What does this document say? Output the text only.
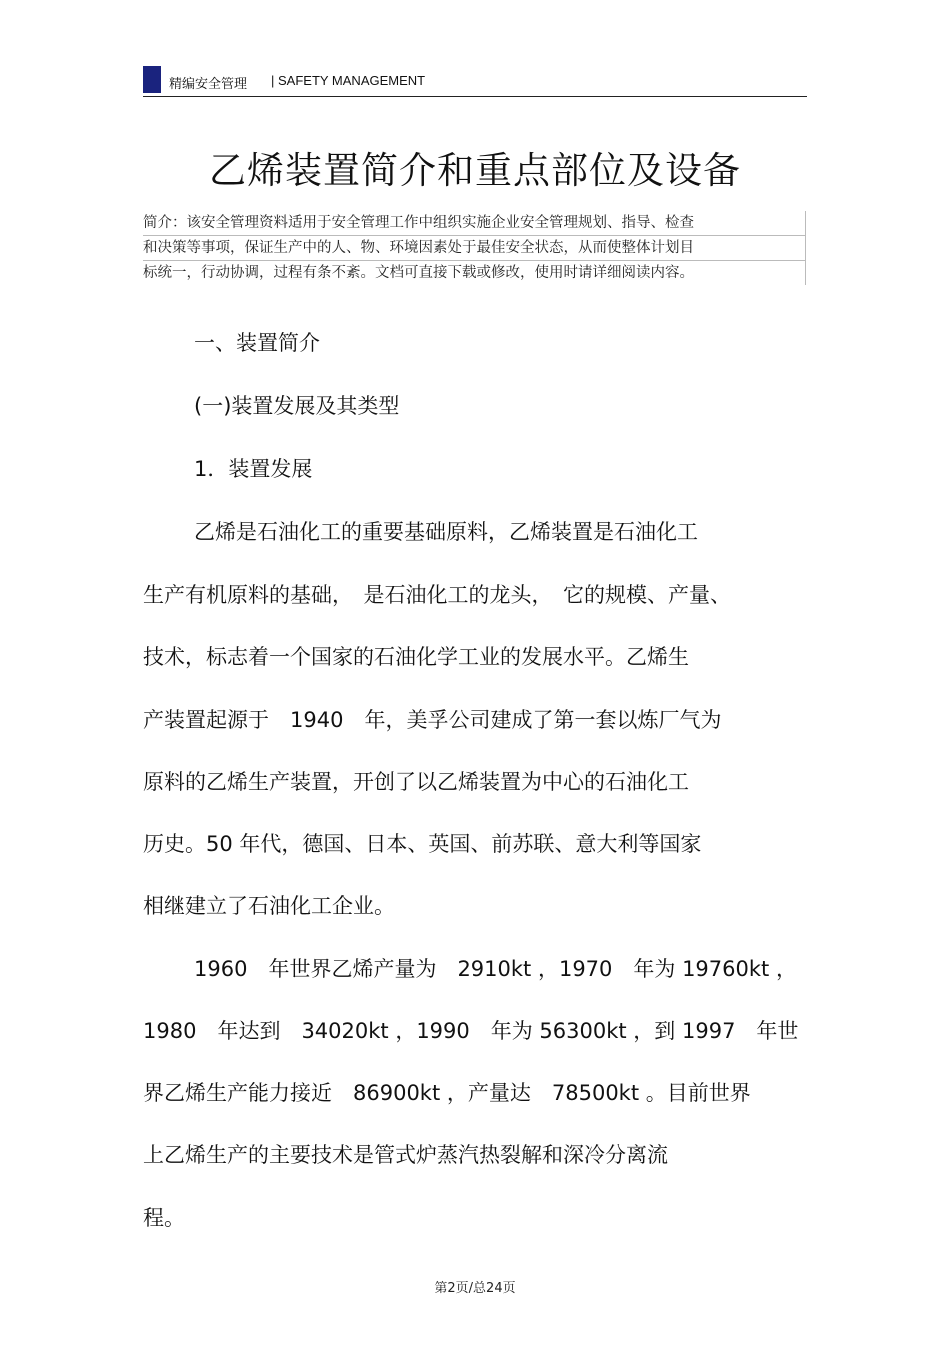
精编安全管理 | SAFETY MANAGEMENT
乙烯装置简介和重点部位及设备
简介：该安全管理资料适用于安全管理工作中组织实施企业安全管理规划、指导、检查
和决策等事项，保证生产中的人、物、环境因素处于最佳安全状态，从而使整体计划目
标统一，行动协调，过程有条不紊。文档可直接下载或修改，使用时请详细阅读内容。
一、装置简介
(一)装置发展及其类型
1．装置发展
乙烯是石油化工的重要基础原料，乙烯装置是石油化工
生产有机原料的基础，　是石油化工的龙头，　它的规模、产量、
技术，标志着一个国家的石油化学工业的发展水平。乙烯生
产装置起源于　1940　年，美孚公司建成了第一套以炼厂气为
原料的乙烯生产装置，开创了以乙烯装置为中心的石油化工
历史。50 年代，德国、日本、英国、前苏联、意大利等国家
相继建立了石油化工企业。
1960　年世界乙烯产量为　2910kt ，1970　年为 19760kt ，
1980　年达到　34020kt ，1990　年为 56300kt ，到 1997　年世
界乙烯生产能力接近　86900kt ，产量达　78500kt 。目前世界
上乙烯生产的主要技术是管式炉蒸汽热裂解和深冷分离流
程。
第2页/总24页
